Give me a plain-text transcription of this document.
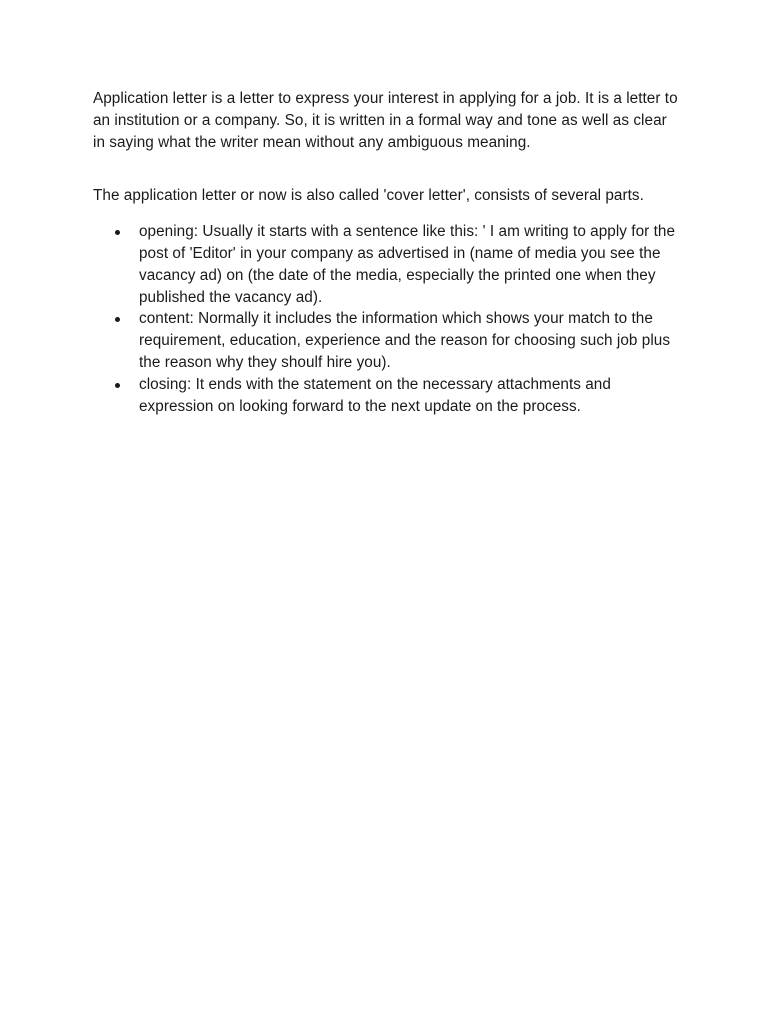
Application letter is a letter to express your interest in applying for a job. It is a letter to an institution or a company. So, it is written in a formal way and tone as well as clear in saying what the writer mean without any ambiguous meaning.

The application letter or now is also called 'cover letter', consists of several parts.

opening: Usually it starts with a sentence like this: ' I am writing to apply for the post of 'Editor' in your company as advertised in (name of media you see the vacancy ad) on (the date of the media, especially the printed one when they published the vacancy ad).
content: Normally it includes the information which shows your match to the requirement, education, experience and the reason for choosing such job plus the reason why they shoulf hire you).
closing: It ends with the statement on the necessary attachments and expression on looking forward to the next update on the process.
